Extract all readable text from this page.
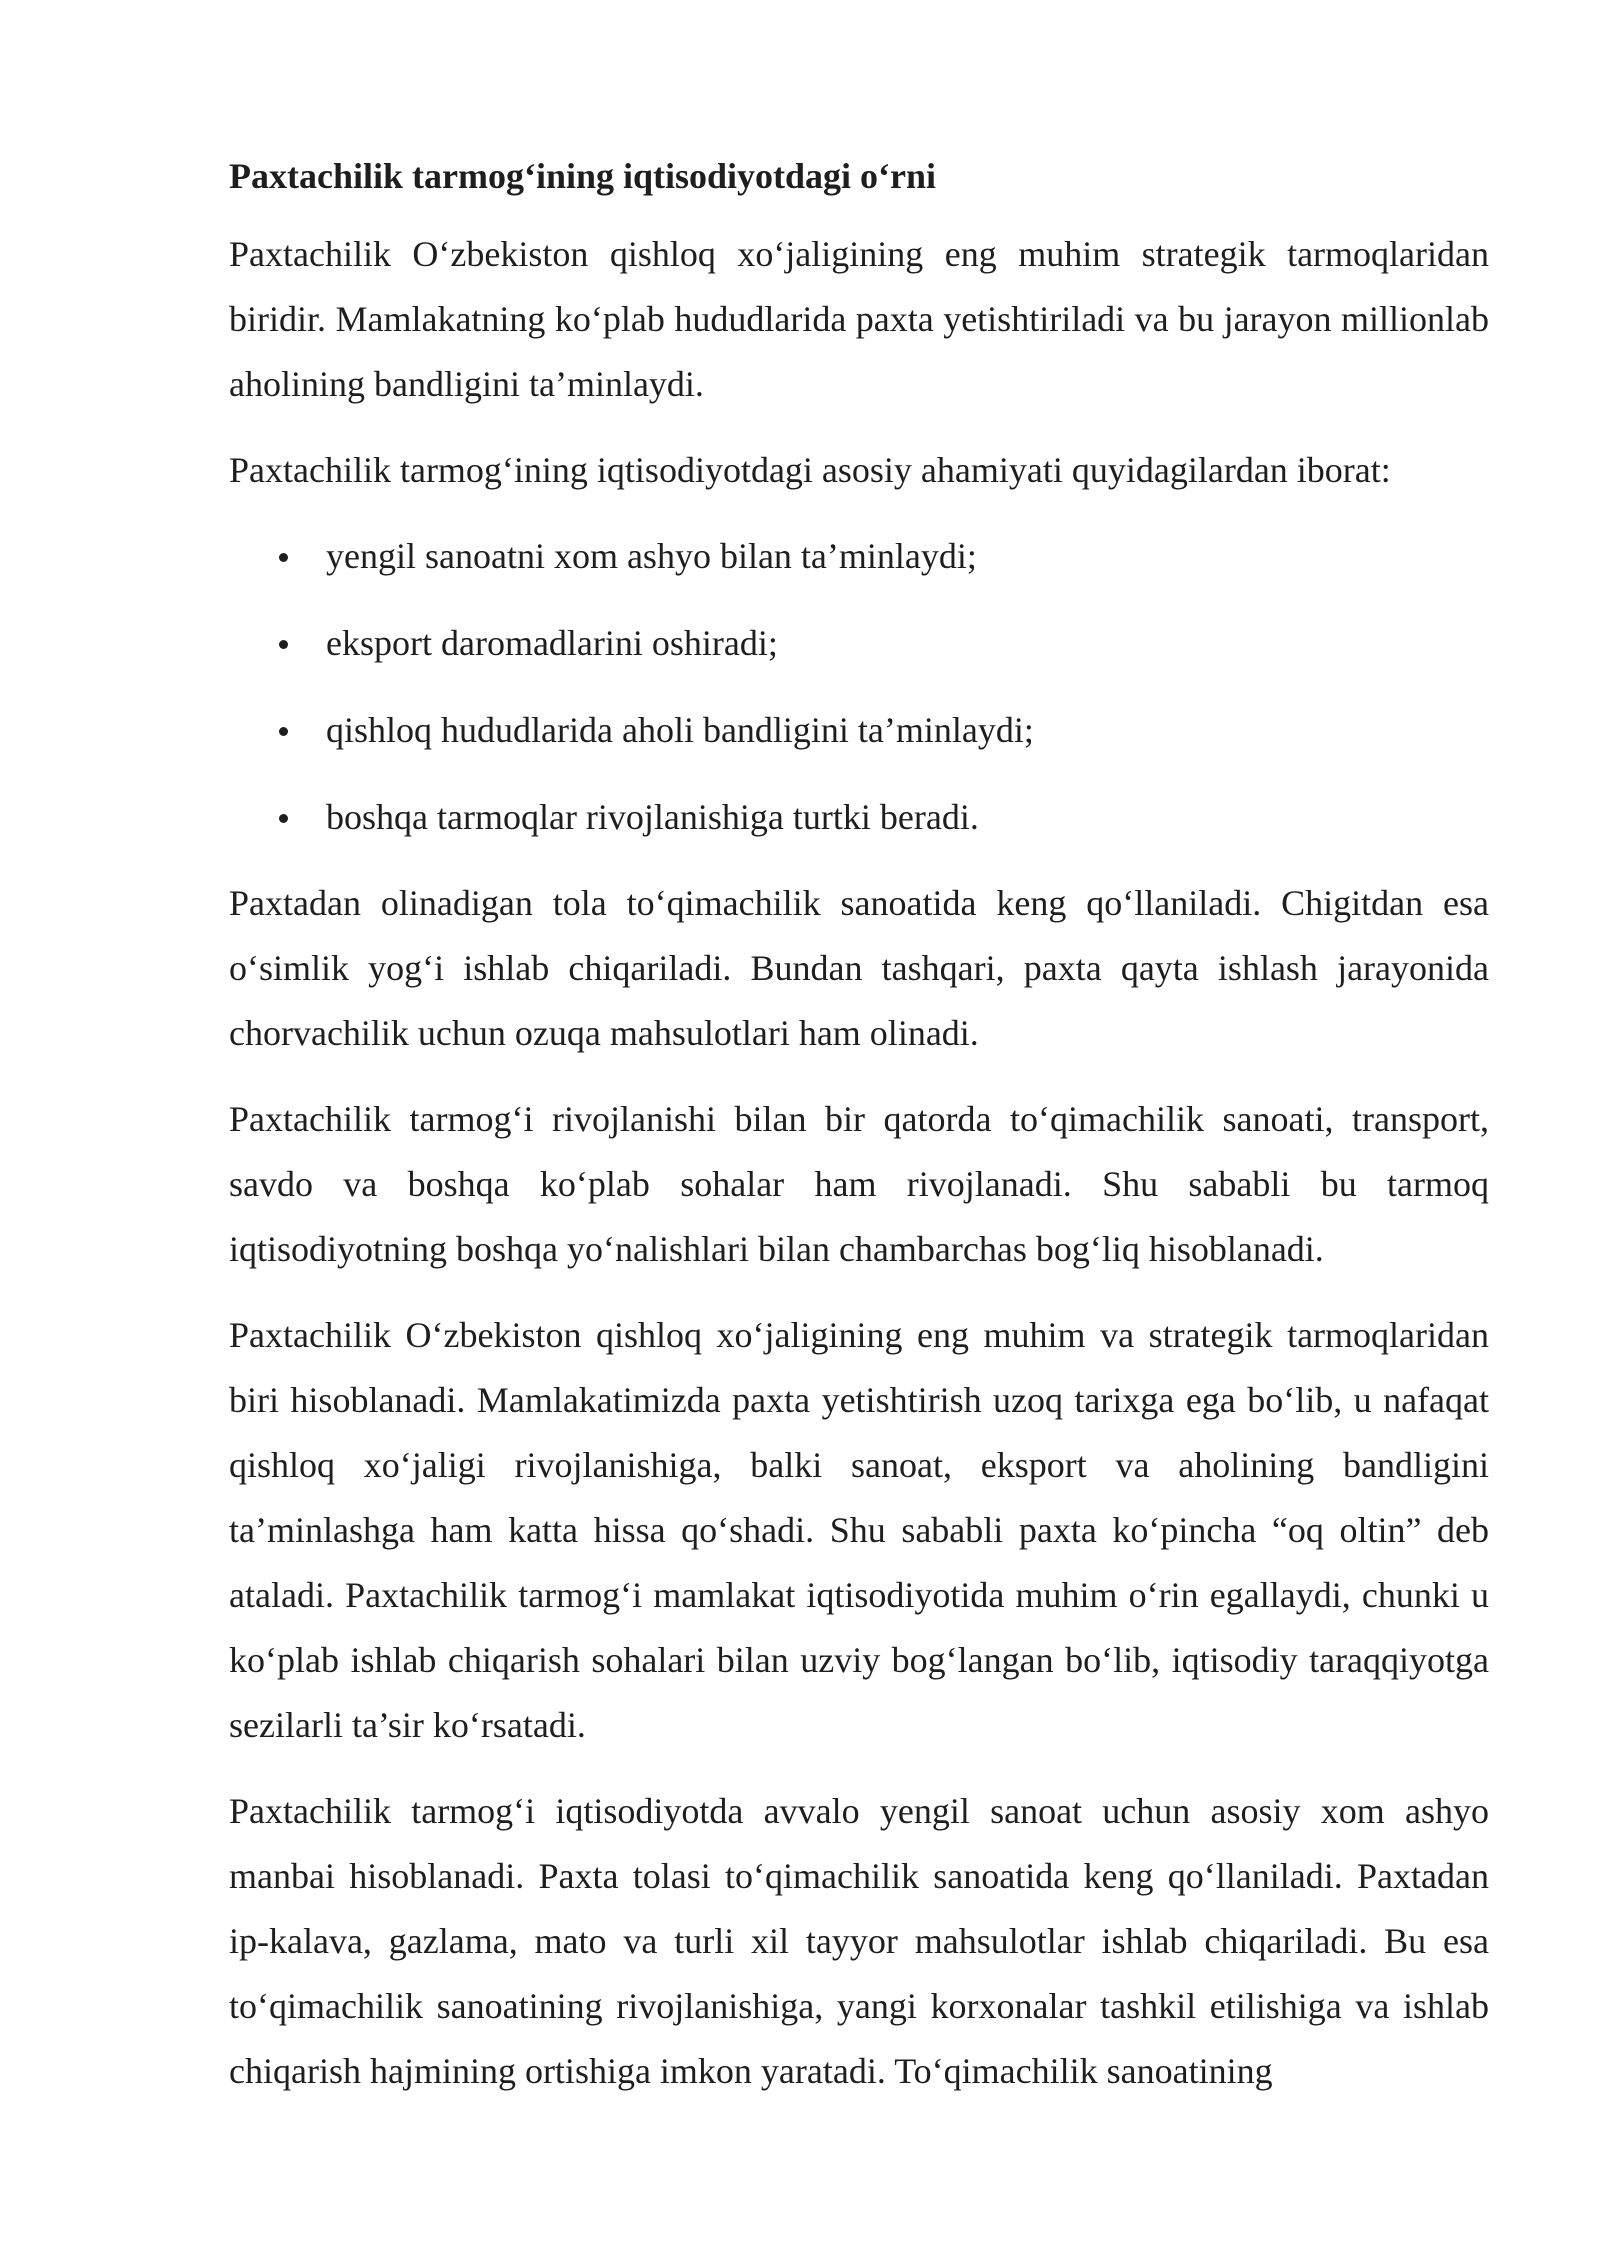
Paxtachilik tarmog‘ining iqtisodiyotdagi o‘rni

Paxtachilik O‘zbekiston qishloq xo‘jaligining eng muhim strategik tarmoqlaridan biridir. Mamlakatning ko‘plab hududlarida paxta yetishtiriladi va bu jarayon millionlab aholining bandligini ta’minlaydi.

Paxtachilik tarmog‘ining iqtisodiyotdagi asosiy ahamiyati quyidagilardan iborat:

yengil sanoatni xom ashyo bilan ta’minlaydi;
eksport daromadlarini oshiradi;
qishloq hududlarida aholi bandligini ta’minlaydi;
boshqa tarmoqlar rivojlanishiga turtki beradi.

Paxtadan olinadigan tola to‘qimachilik sanoatida keng qo‘llaniladi. Chigitdan esa o‘simlik yog‘i ishlab chiqariladi. Bundan tashqari, paxta qayta ishlash jarayonida chorvachilik uchun ozuqa mahsulotlari ham olinadi.

Paxtachilik tarmog‘i rivojlanishi bilan bir qatorda to‘qimachilik sanoati, transport, savdo va boshqa ko‘plab sohalar ham rivojlanadi. Shu sababli bu tarmoq iqtisodiyotning boshqa yo‘nalishlari bilan chambarchas bog‘liq hisoblanadi.

Paxtachilik O‘zbekiston qishloq xo‘jaligining eng muhim va strategik tarmoqlaridan biri hisoblanadi. Mamlakatimizda paxta yetishtirish uzoq tarixga ega bo‘lib, u nafaqat qishloq xo‘jaligi rivojlanishiga, balki sanoat, eksport va aholining bandligini ta’minlashga ham katta hissa qo‘shadi. Shu sababli paxta ko‘pincha “oq oltin” deb ataladi. Paxtachilik tarmog‘i mamlakat iqtisodiyotida muhim o‘rin egallaydi, chunki u ko‘plab ishlab chiqarish sohalari bilan uzviy bog‘langan bo‘lib, iqtisodiy taraqqiyotga sezilarli ta’sir ko‘rsatadi.

Paxtachilik tarmog‘i iqtisodiyotda avvalo yengil sanoat uchun asosiy xom ashyo manbai hisoblanadi. Paxta tolasi to‘qimachilik sanoatida keng qo‘llaniladi. Paxtadan ip-kalava, gazlama, mato va turli xil tayyor mahsulotlar ishlab chiqariladi. Bu esa to‘qimachilik sanoatining rivojlanishiga, yangi korxonalar tashkil etilishiga va ishlab chiqarish hajmining ortishiga imkon yaratadi. To‘qimachilik sanoatining
